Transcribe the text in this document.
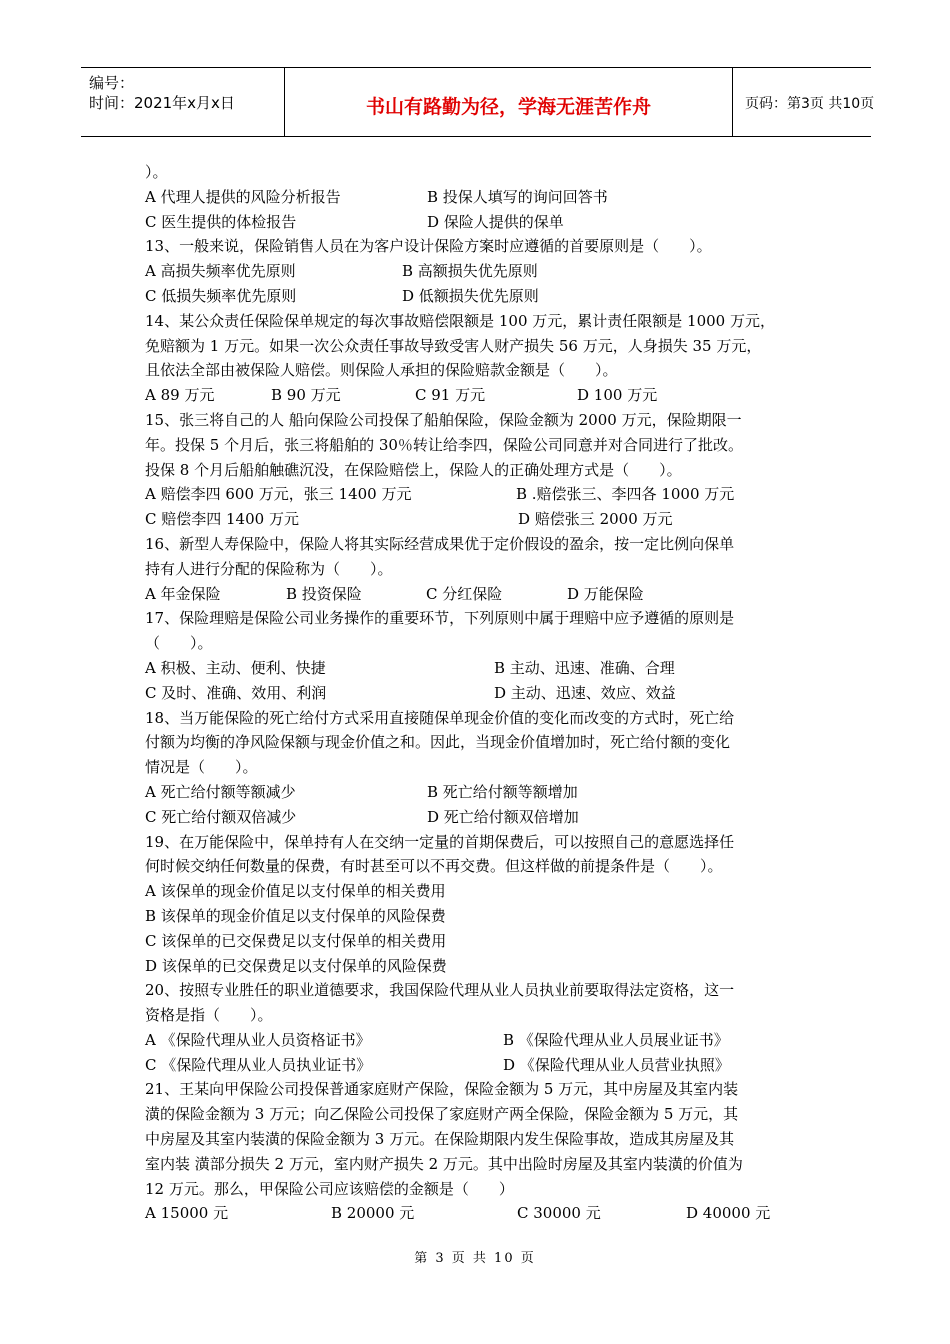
编号：
时间：2021年x月x日	书山有路勤为径，学海无涯苦作舟	页码：第3页 共10页
）。
A 代理人提供的风险分析报告	B 投保人填写的询问回答书
C 医生提供的体检报告	D 保险人提供的保单
13、一般来说，保险销售人员在为客户设计保险方案时应遵循的首要原则是（　　）。
A 高损失频率优先原则	B 高额损失优先原则
C 低损失频率优先原则	D 低额损失优先原则
14、某公众责任保险保单规定的每次事故赔偿限额是 100 万元，累计责任限额是 1000 万元，
免赔额为 1 万元。如果一次公众责任事故导致受害人财产损失 56 万元，人身损失 35 万元，
且依法全部由被保险人赔偿。则保险人承担的保险赔款金额是（　　）。
A 89 万元	B 90 万元	C 91 万元	D 100 万元
15、张三将自己的人 船向保险公司投保了船舶保险，保险金额为 2000 万元，保险期限一
年。投保 5 个月后，张三将船舶的 30％转让给李四，保险公司同意并对合同进行了批改。
投保 8 个月后船舶触礁沉没，在保险赔偿上，保险人的正确处理方式是（　　）。
A 赔偿李四 600 万元，张三 1400 万元	B .赔偿张三、李四各 1000 万元
C 赔偿李四 1400 万元	D 赔偿张三 2000 万元
16、新型人寿保险中，保险人将其实际经营成果优于定价假设的盈余，按一定比例向保单
持有人进行分配的保险称为（　　）。
A 年金保险	B 投资保险	C 分红保险	D 万能保险
17、保险理赔是保险公司业务操作的重要环节，下列原则中属于理赔中应予遵循的原则是
（　　）。
A 积极、主动、便利、快捷	B 主动、迅速、准确、合理
C 及时、准确、效用、利润	D 主动、迅速、效应、效益
18、当万能保险的死亡给付方式采用直接随保单现金价值的变化而改变的方式时，死亡给
付额为均衡的净风险保额与现金价值之和。因此，当现金价值增加时，死亡给付额的变化
情况是（　　）。
A 死亡给付额等额减少	B 死亡给付额等额增加
C 死亡给付额双倍减少	D 死亡给付额双倍增加
19、在万能保险中，保单持有人在交纳一定量的首期保费后，可以按照自己的意愿选择任
何时候交纳任何数量的保费，有时甚至可以不再交费。但这样做的前提条件是（　　）。
A 该保单的现金价值足以支付保单的相关费用
B 该保单的现金价值足以支付保单的风险保费
C 该保单的已交保费足以支付保单的相关费用
D 该保单的已交保费足以支付保单的风险保费
20、按照专业胜任的职业道德要求，我国保险代理从业人员执业前要取得法定资格，这一
资格是指（　　）。
A 《保险代理从业人员资格证书》	B 《保险代理从业人员展业证书》
C 《保险代理从业人员执业证书》	D 《保险代理从业人员营业执照》
21、王某向甲保险公司投保普通家庭财产保险，保险金额为 5 万元，其中房屋及其室内装
潢的保险金额为 3 万元；向乙保险公司投保了家庭财产两全保险，保险金额为 5 万元，其
中房屋及其室内装潢的保险金额为 3 万元。在保险期限内发生保险事故，造成其房屋及其
室内装 潢部分损失 2 万元，室内财产损失 2 万元。其中出险时房屋及其室内装潢的价值为
12 万元。那么，甲保险公司应该赔偿的金额是（　　）
A 15000 元	B 20000 元	C 30000 元	D 40000 元
第 3 页 共 10 页
